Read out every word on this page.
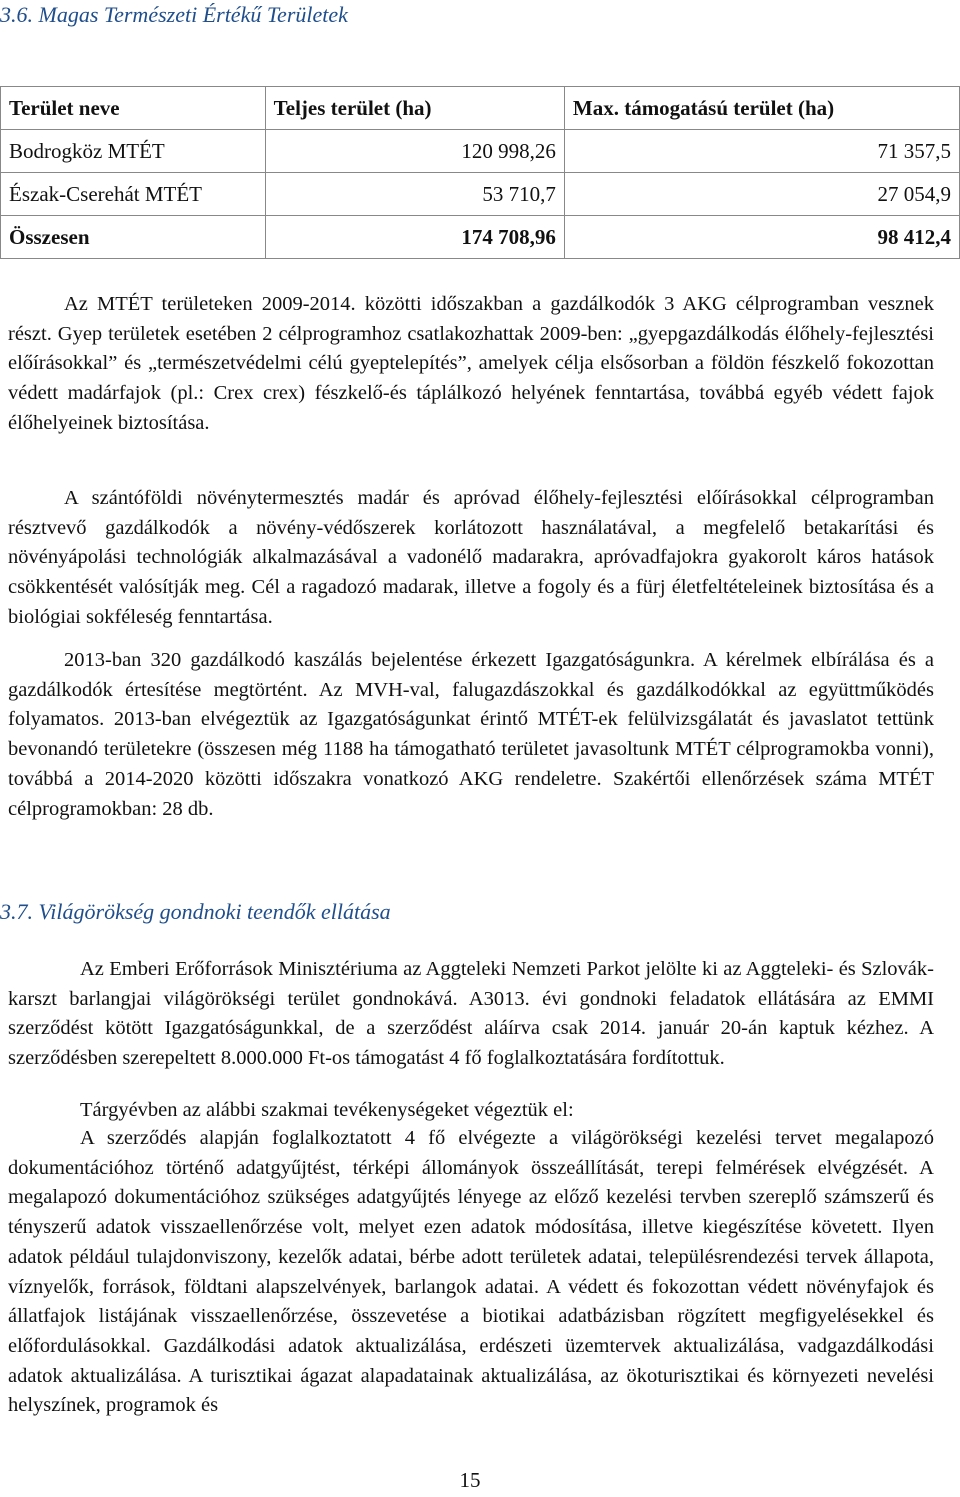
3.6. Magas Természeti Értékű Területek
Terület neve	Teljes terület (ha)	Max. támogatású terület (ha)
Bodrogköz MTÉT	120 998,26	71 357,5
Észak-Cserehát MTÉT	53 710,7	27 054,9
Összesen	174 708,96	98 412,4

Az MTÉT területeken 2009-2014. közötti időszakban a gazdálkodók 3 AKG célprogramban vesznek részt. Gyep területek esetében 2 célprogramhoz csatlakozhattak 2009-ben: „gyepgazdálkodás élőhely-fejlesztési előírásokkal” és „természetvédelmi célú gyeptelepítés”, amelyek célja elsősorban a földön fészkelő fokozottan védett madárfajok (pl.: Crex crex) fészkelő-és táplálkozó helyének fenntartása, továbbá egyéb védett fajok élőhelyeinek biztosítása.

A szántóföldi növénytermesztés madár és apróvad élőhely-fejlesztési előírásokkal célprogramban résztvevő gazdálkodók a növény-védőszerek korlátozott használatával, a megfelelő betakarítási és növényápolási technológiák alkalmazásával a vadonélő madarakra, apróvadfajokra gyakorolt káros hatások csökkentését valósítják meg. Cél a ragadozó madarak, illetve a fogoly és a fürj életfeltételeinek biztosítása és a biológiai sokféleség fenntartása.

2013-ban 320 gazdálkodó kaszálás bejelentése érkezett Igazgatóságunkra. A kérelmek elbírálása és a gazdálkodók értesítése megtörtént. Az MVH-val, falugazdászokkal és gazdálkodókkal az együttműködés folyamatos. 2013-ban elvégeztük az Igazgatóságunkat érintő MTÉT-ek felülvizsgálatát és javaslatot tettünk bevonandó területekre (összesen még 1188 ha támogatható területet javasoltunk MTÉT célprogramokba vonni), továbbá a 2014-2020 közötti időszakra vonatkozó AKG rendeletre. Szakértői ellenőrzések száma MTÉT célprogramokban: 28 db.

3.7. Világörökség gondnoki teendők ellátása

Az Emberi Erőforrások Minisztériuma az Aggteleki Nemzeti Parkot jelölte ki az Aggteleki- és Szlovák-karszt barlangjai világörökségi terület gondnokává. A3013. évi gondnoki feladatok ellátására az EMMI szerződést kötött Igazgatóságunkkal, de a szerződést aláírva csak 2014. január 20-án kaptuk kézhez. A szerződésben szerepeltett 8.000.000 Ft-os támogatást 4 fő foglalkoztatására fordítottuk.

Tárgyévben az alábbi szakmai tevékenységeket végeztük el:

A szerződés alapján foglalkoztatott 4 fő elvégezte a világörökségi kezelési tervet megalapozó dokumentációhoz történő adatgyűjtést, térképi állományok összeállítását, terepi felmérések elvégzését. A megalapozó dokumentációhoz szükséges adatgyűjtés lényege az előző kezelési tervben szereplő számszerű és tényszerű adatok visszaellenőrzése volt, melyet ezen adatok módosítása, illetve kiegészítése követett. Ilyen adatok például tulajdonviszony, kezelők adatai, bérbe adott területek adatai, településrendezési tervek állapota, víznyelők, források, földtani alapszelvények, barlangok adatai. A védett és fokozottan védett növényfajok és állatfajok listájának visszaellenőrzése, összevetése a biotikai adatbázisban rögzített megfigyelésekkel és előfordulásokkal. Gazdálkodási adatok aktualizálása, erdészeti üzemtervek aktualizálása, vadgazdálkodási adatok aktualizálása. A turisztikai ágazat alapadatainak aktualizálása, az ökoturisztikai és környezeti nevelési helyszínek, programok és

15
